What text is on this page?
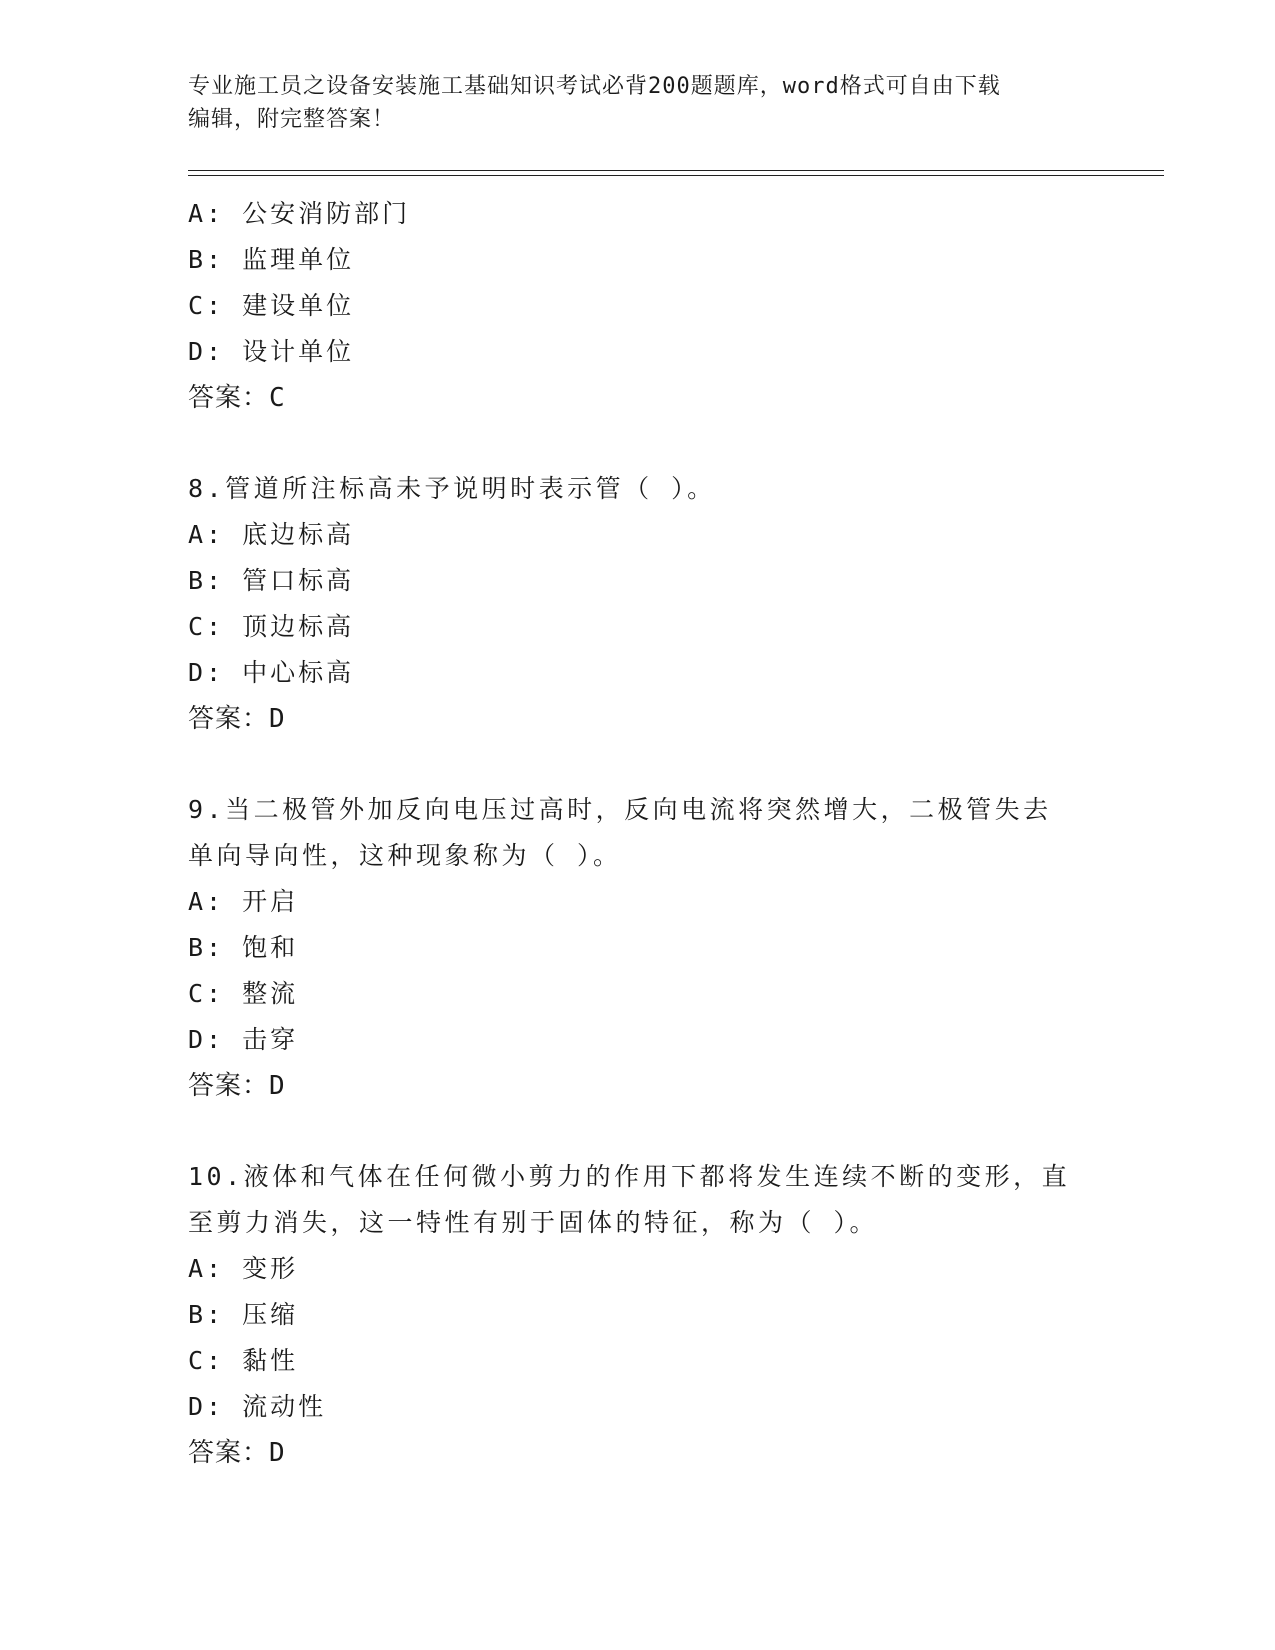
专业施工员之设备安装施工基础知识考试必背200题题库，word格式可自由下载
编辑，附完整答案！
A: 公安消防部门
B: 监理单位
C: 建设单位
D: 设计单位
答案：C
8.管道所注标高未予说明时表示管（ ）。
A: 底边标高
B: 管口标高
C: 顶边标高
D: 中心标高
答案：D
9.当二极管外加反向电压过高时，反向电流将突然增大，二极管失去
单向导向性，这种现象称为（ ）。
A: 开启
B: 饱和
C: 整流
D: 击穿
答案：D
10.液体和气体在任何微小剪力的作用下都将发生连续不断的变形，直
至剪力消失，这一特性有别于固体的特征，称为（ ）。
A: 变形
B: 压缩
C: 黏性
D: 流动性
答案：D
